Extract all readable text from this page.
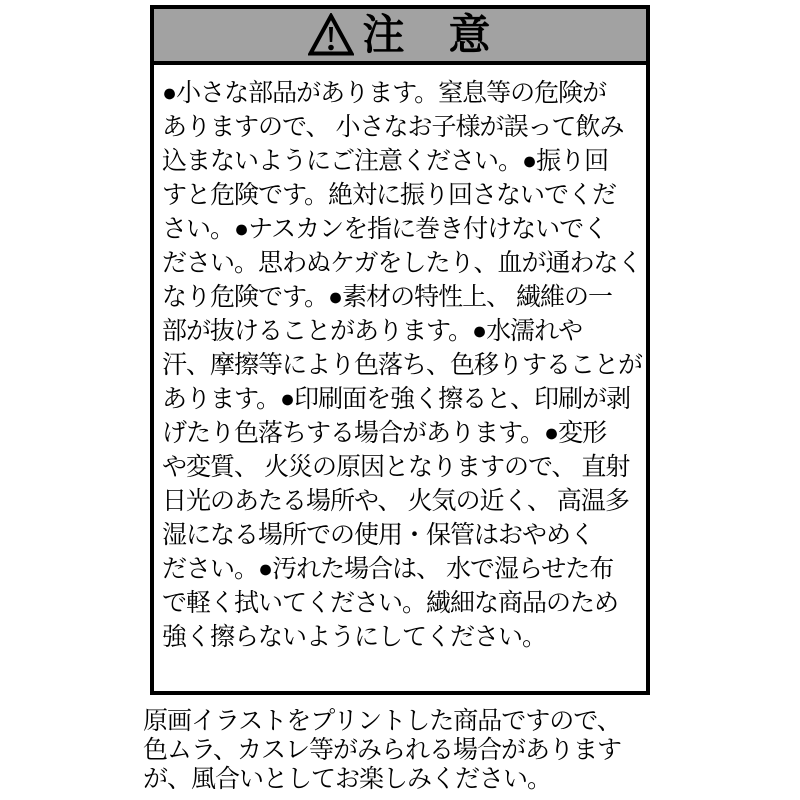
注　意
●小さな部品があります。窒息等の危険が
ありますので、 小さなお子様が誤って飲み
込まないようにご注意ください。●振り回
すと危険です。絶対に振り回さないでくだ
さい。●ナスカンを指に巻き付けないでく
ださい。思わぬケガをしたり、血が通わなく
なり危険です。●素材の特性上、 繊維の一
部が抜けることがあります。●水濡れや
汗、摩擦等により色落ち、色移りすることが
あります。●印刷面を強く擦ると、印刷が剥
げたり色落ちする場合があります。●変形
や変質、 火災の原因となりますので、 直射
日光のあたる場所や、 火気の近く、 高温多
湿になる場所での使用・保管はおやめく
ださい。●汚れた場合は、 水で湿らせた布
で軽く拭いてください。繊細な商品のため
強く擦らないようにしてください。
原画イラストをプリントした商品ですので、
色ムラ、カスレ等がみられる場合があります
が、風合いとしてお楽しみください。
